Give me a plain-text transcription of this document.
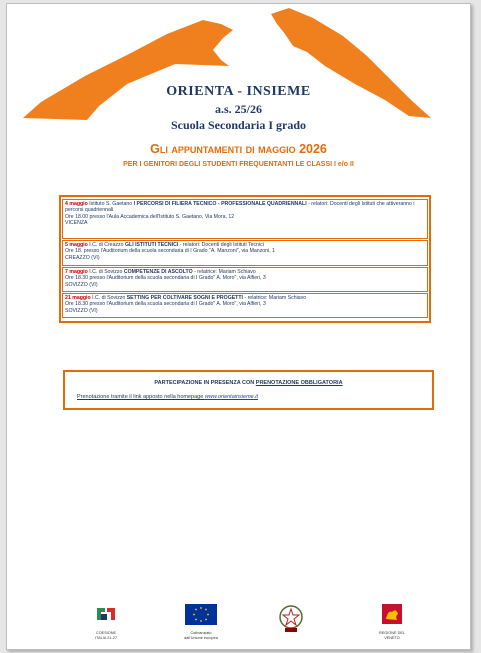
ORIENTA - INSIEME
a.s. 25/26
Scuola Secondaria I grado
Gli appuntamenti di maggio 2026
PER I GENITORI DEGLI STUDENTI FREQUENTANTI LE CLASSI I e/o II
4 maggio Istituto S. Gaetano I PERCORSI DI FILIERA TECNICO - PROFESSIONALE QUADRIENNALI - relatori: Docenti degli Istituti che attiveranno i percorsi quadriennali.
Ore 18.00 presso l'Aula Accademica dell'Istituto S. Gaetano, Via Mora, 12
VICENZA
5 maggio I.C. di Creazzo GLI ISTITUTI TECNICI - relatori: Docenti degli Istituti Tecnici
Ore 18. presso l'Auditorium della scuola secondaria di I Grado "A. Manzoni", via Manzoni, 1
CREAZZO (VI)
7 maggio I.C. di Sovizzo COMPETENZE DI ASCOLTO - relatrice: Mariam Schiavo
Ore 18.30 presso l'Auditorium della scuola secondaria di I Grado" A. Moro", via Alfieri, 3
SOVIZZO (VI)
21 maggio I.C. di Sovizzo SETTING PER COLTIVARE SOGNI E PROGETTI - relatrice: Mariam Schiavo
Ore 18.30 presso l'Auditorium della scuola secondaria di I Grado" A. Moro", via Alfieri, 3
SOVIZZO (VI)
PARTECIPAZIONE IN PRESENZA CON PRENOTAZIONE OBBLIGATORIA
Prenotazione tramite il link apposto nella homepage www.orientainsieme.it
COESIONE ITALIA 21-27
Cofinanziato dall'Unione europea
REGIONE DEL VENETO
